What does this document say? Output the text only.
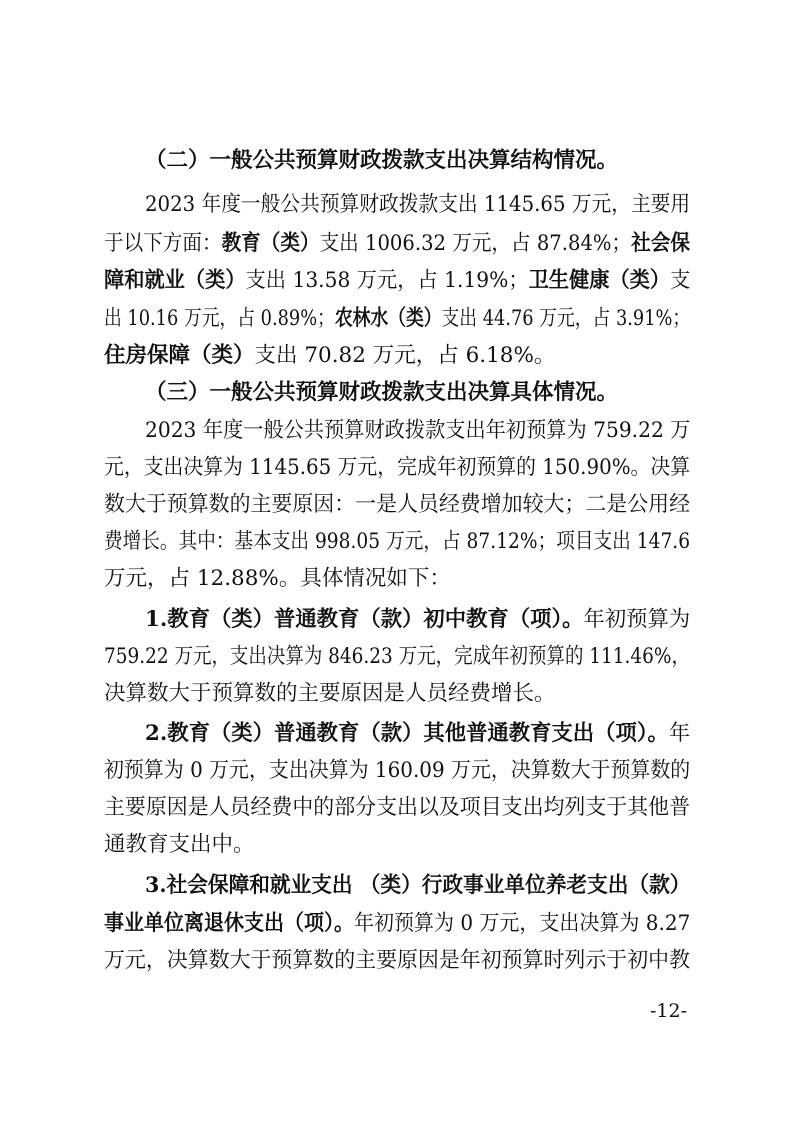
（二）一般公共预算财政拨款支出决算结构情况。
2023 年度一般公共预算财政拨款支出 1145.65 万元，主要用
于以下方面：教育（类）支出 1006.32 万元，占 87.84%；社会保
障和就业（类）支出 13.58 万元，占 1.19%；卫生健康（类）支
出 10.16 万元，占 0.89%；农林水（类）支出 44.76 万元，占 3.91%；
住房保障（类）支出 70.82 万元，占 6.18%。
（三）一般公共预算财政拨款支出决算具体情况。
2023 年度一般公共预算财政拨款支出年初预算为 759.22 万
元，支出决算为 1145.65 万元，完成年初预算的 150.90%。决算
数大于预算数的主要原因：一是人员经费增加较大；二是公用经
费增长。其中：基本支出 998.05 万元，占 87.12%；项目支出 147.6
万元，占 12.88%。具体情况如下：
1.教育（类）普通教育（款）初中教育（项）。年初预算为
759.22 万元，支出决算为 846.23 万元，完成年初预算的 111.46%，
决算数大于预算数的主要原因是人员经费增长。
2.教育（类）普通教育（款）其他普通教育支出（项）。年
初预算为 0 万元，支出决算为 160.09 万元，决算数大于预算数的
主要原因是人员经费中的部分支出以及项目支出均列支于其他普
通教育支出中。
3.社会保障和就业支出 （类）行政事业单位养老支出（款）
事业单位离退休支出（项）。年初预算为 0 万元，支出决算为 8.27
万元，决算数大于预算数的主要原因是年初预算时列示于初中教
-12-
